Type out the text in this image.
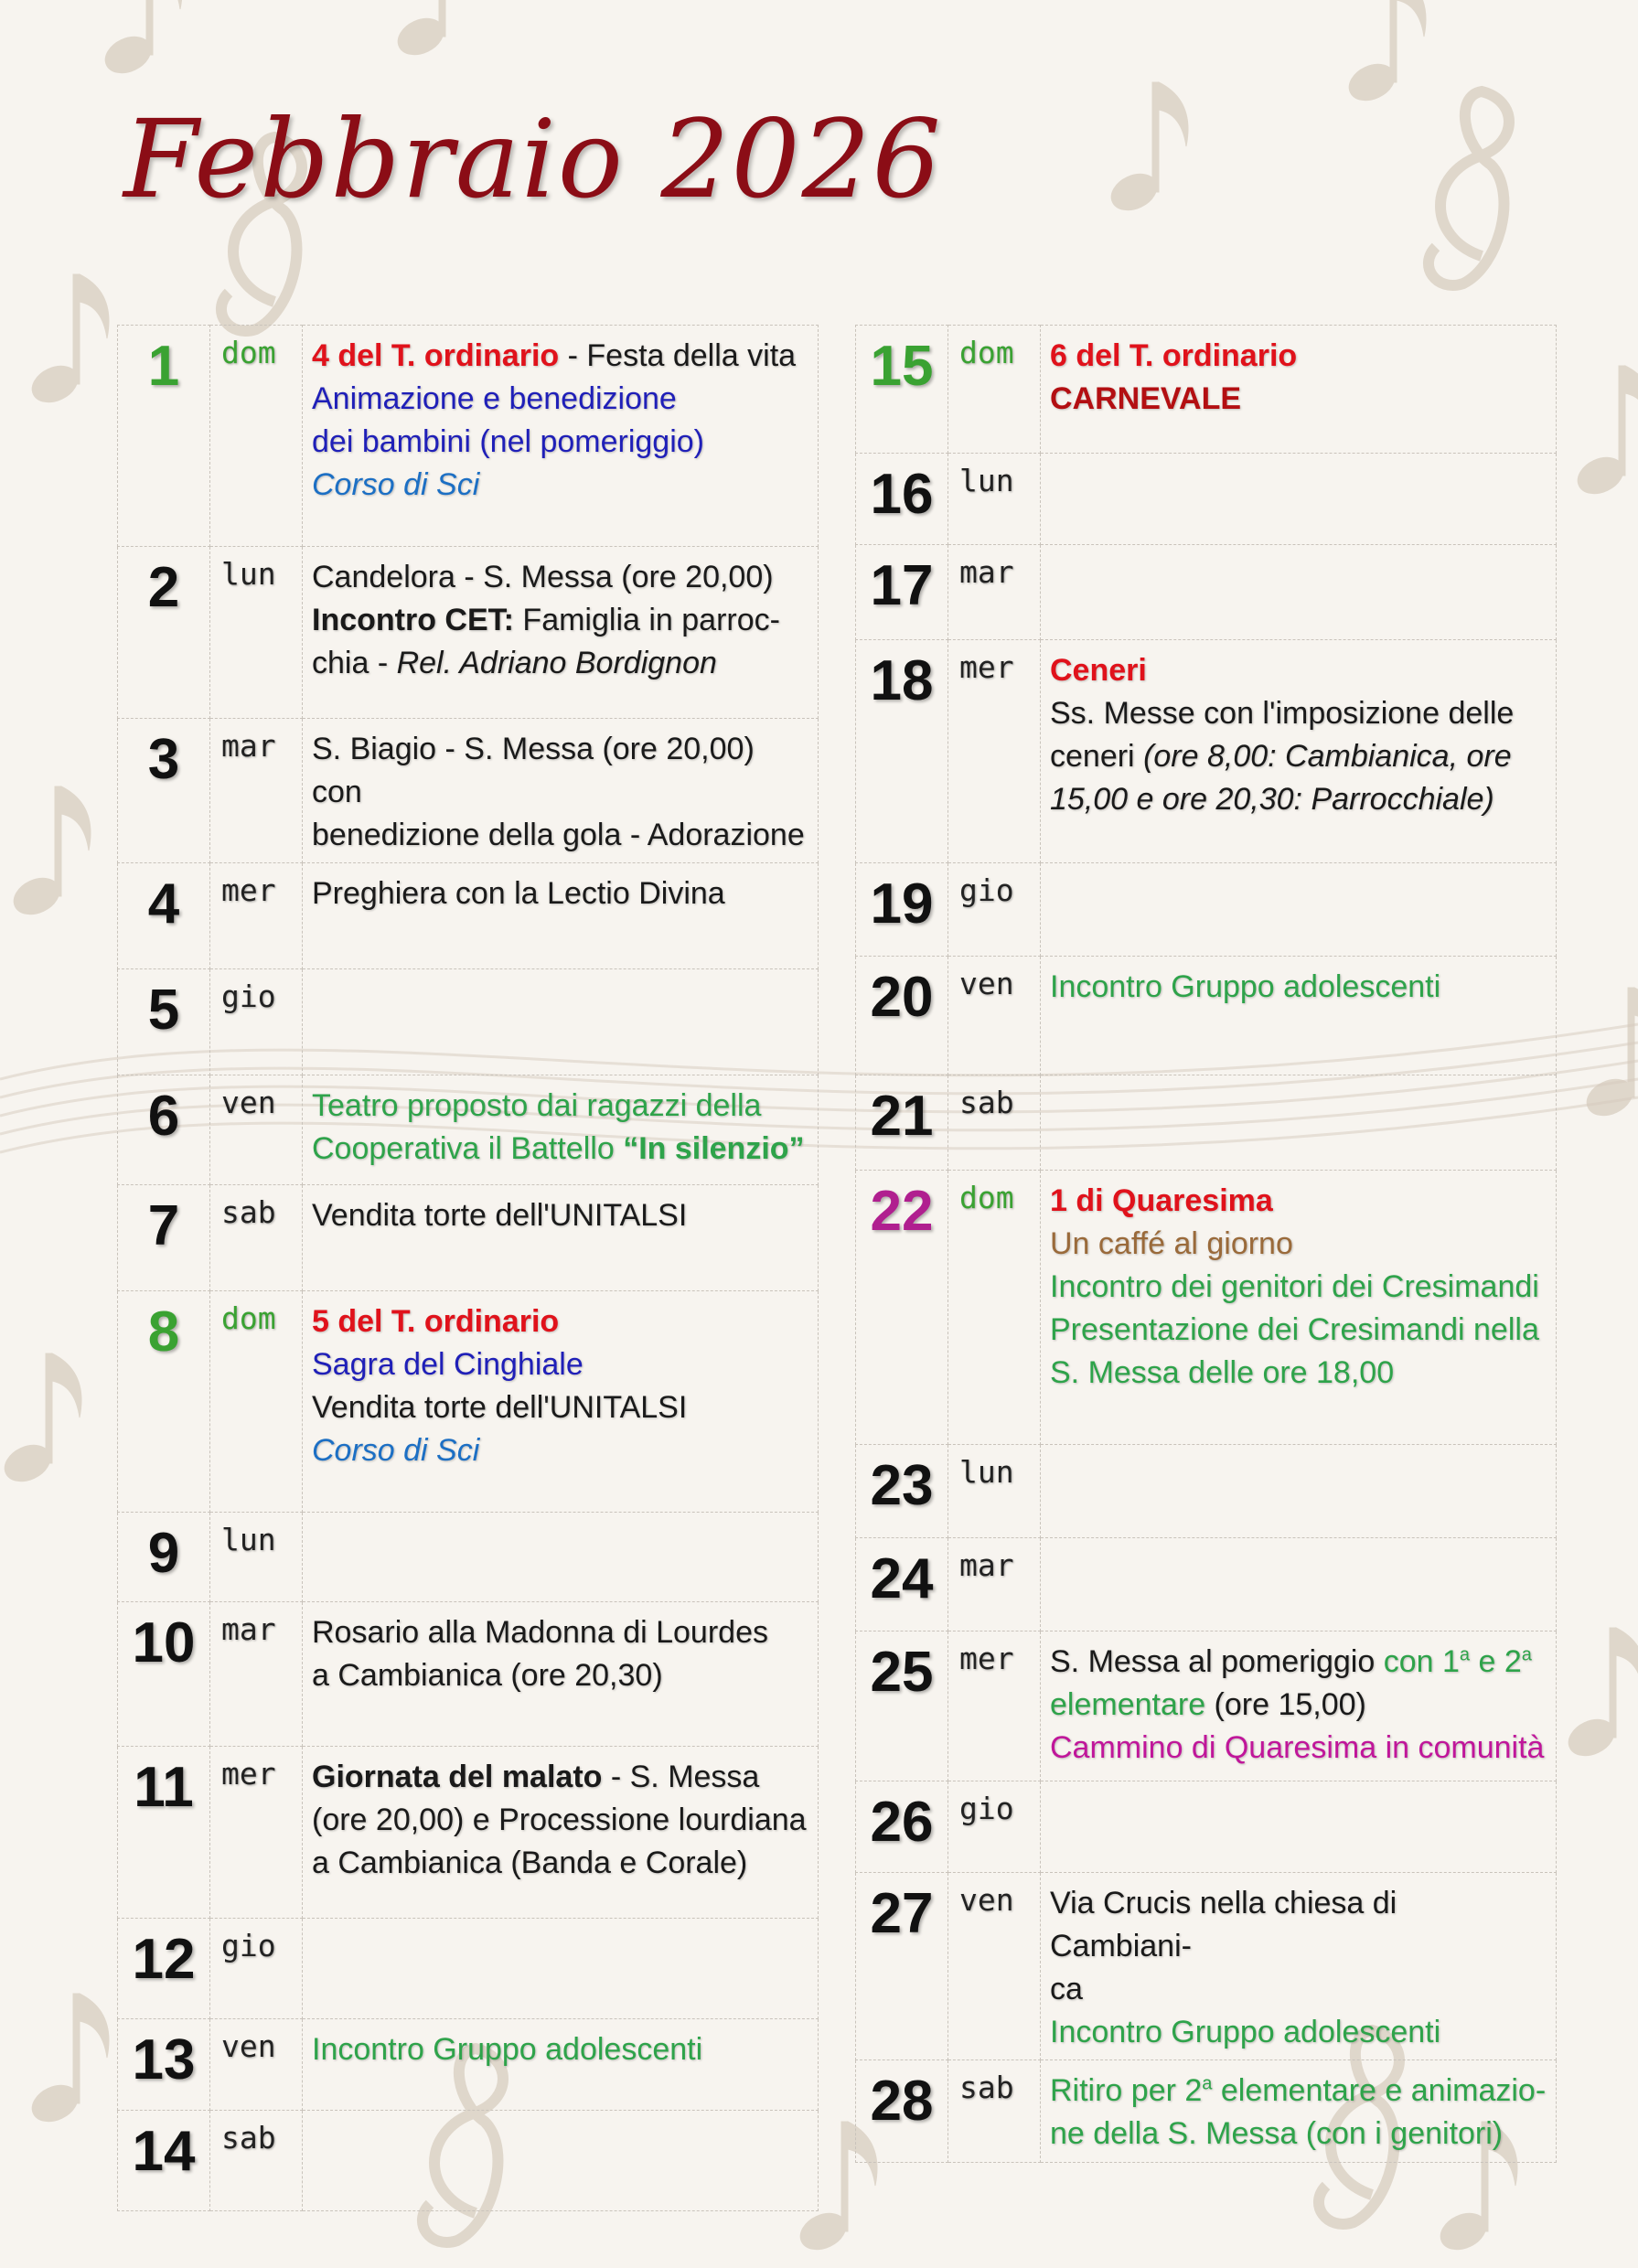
Febbraio 2026
1	dom	4 del T. ordinario - Festa della vita
Animazione e benedizione
dei bambini (nel pomeriggio)
Corso di Sci

2	lun	Candelora - S. Messa (ore 20,00)
Incontro CET: Famiglia in parroc-
chia - Rel. Adriano Bordignon

3	mar	S. Biagio - S. Messa (ore 20,00) con
benedizione della gola - Adorazione

4	mer	Preghiera con la Lectio Divina

5	gio	
6	ven	Teatro proposto dai ragazzi della
Cooperativa il Battello “In silenzio”

7	sab	Vendita torte dell'UNITALSI

8	dom	5 del T. ordinario
Sagra del Cinghiale
Vendita torte dell'UNITALSI
Corso di Sci

9	lun	
10	mar	Rosario alla Madonna di Lourdes
a Cambianica (ore 20,30)

11	mer	Giornata del malato - S. Messa
(ore 20,00) e Processione lourdiana
a Cambianica (Banda e Corale)

12	gio	
13	ven	Incontro Gruppo adolescenti

14	sab	
15	dom	6 del T. ordinario
CARNEVALE

16	lun	
17	mar	
18	mer	Ceneri
Ss. Messe con l'imposizione delle
ceneri (ore 8,00: Cambianica, ore
15,00 e ore 20,30: Parrocchiale)

19	gio	
20	ven	Incontro Gruppo adolescenti

21	sab	
22	dom	1 di Quaresima
Un caffé al giorno
Incontro dei genitori dei Cresimandi
Presentazione dei Cresimandi nella
S. Messa delle ore 18,00

23	lun	
24	mar	
25	mer	S. Messa al pomeriggio con 1$^a$ e 2$^a$
elementare (ore 15,00)
Cammino di Quaresima in comunità

26	gio	
27	ven	Via Crucis nella chiesa di Cambiani-
ca
Incontro Gruppo adolescenti

28	sab	Ritiro per 2$^a$ elementare e animazio-
ne della S. Messa (con i genitori)
